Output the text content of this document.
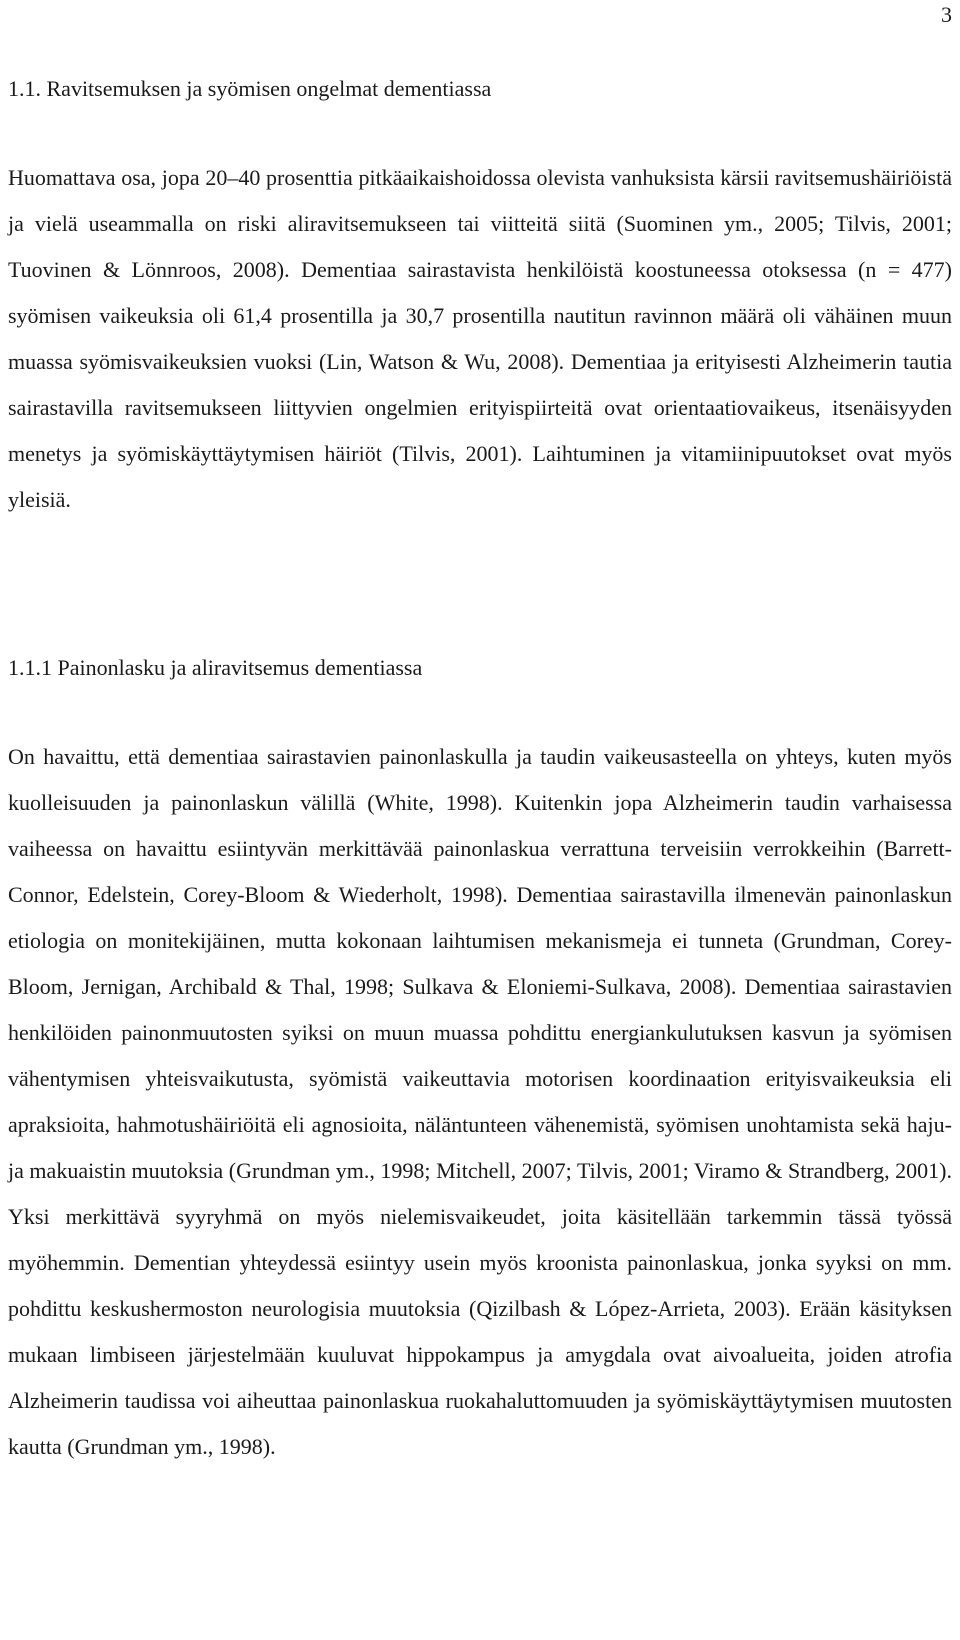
3
1.1. Ravitsemuksen ja syömisen ongelmat dementiassa

Huomattava osa, jopa 20–40 prosenttia pitkäaikaishoidossa olevista vanhuksista kärsii ravitsemushäiriöistä ja vielä useammalla on riski aliravitsemukseen tai viitteitä siitä (Suominen ym., 2005; Tilvis, 2001; Tuovinen & Lönnroos, 2008). Dementiaa sairastavista henkilöistä koostuneessa otoksessa (n = 477) syömisen vaikeuksia oli 61,4 prosentilla ja 30,7 prosentilla nautitun ravinnon määrä oli vähäinen muun muassa syömisvaikeuksien vuoksi (Lin, Watson & Wu, 2008). Dementiaa ja erityisesti Alzheimerin tautia sairastavilla ravitsemukseen liittyvien ongelmien erityispiirteitä ovat orientaatiovaikeus, itsenäisyyden menetys ja syömiskäyttäytymisen häiriöt (Tilvis, 2001). Laihtuminen ja vitamiinipuutokset ovat myös yleisiä.

1.1.1 Painonlasku ja aliravitsemus dementiassa

On havaittu, että dementiaa sairastavien painonlaskulla ja taudin vaikeusasteella on yhteys, kuten myös kuolleisuuden ja painonlaskun välillä (White, 1998). Kuitenkin jopa Alzheimerin taudin varhaisessa vaiheessa on havaittu esiintyvän merkittävää painonlaskua verrattuna terveisiin verrokkeihin (Barrett-Connor, Edelstein, Corey-Bloom & Wiederholt, 1998). Dementiaa sairastavilla ilmenevän painonlaskun etiologia on monitekijäinen, mutta kokonaan laihtumisen mekanismeja ei tunneta (Grundman, Corey-Bloom, Jernigan, Archibald & Thal, 1998; Sulkava & Eloniemi-Sulkava, 2008). Dementiaa sairastavien henkilöiden painonmuutosten syiksi on muun muassa pohdittu energiankulutuksen kasvun ja syömisen vähentymisen yhteisvaikutusta, syömistä vaikeuttavia motorisen koordinaation erityisvaikeuksia eli apraksioita, hahmotushäiriöitä eli agnosioita, näläntunteen vähenemistä, syömisen unohtamista sekä haju- ja makuaistin muutoksia (Grundman ym., 1998; Mitchell, 2007; Tilvis, 2001; Viramo & Strandberg, 2001). Yksi merkittävä syyryhmä on myös nielemisvaikeudet, joita käsitellään tarkemmin tässä työssä myöhemmin. Dementian yhteydessä esiintyy usein myös kroonista painonlaskua, jonka syyksi on mm. pohdittu keskushermoston neurologisia muutoksia (Qizilbash & López-Arrieta, 2003). Erään käsityksen mukaan limbiseen järjestelmään kuuluvat hippokampus ja amygdala ovat aivoalueita, joiden atrofia Alzheimerin taudissa voi aiheuttaa painonlaskua ruokahaluttomuuden ja syömiskäyttäytymisen muutosten kautta (Grundman ym., 1998).
